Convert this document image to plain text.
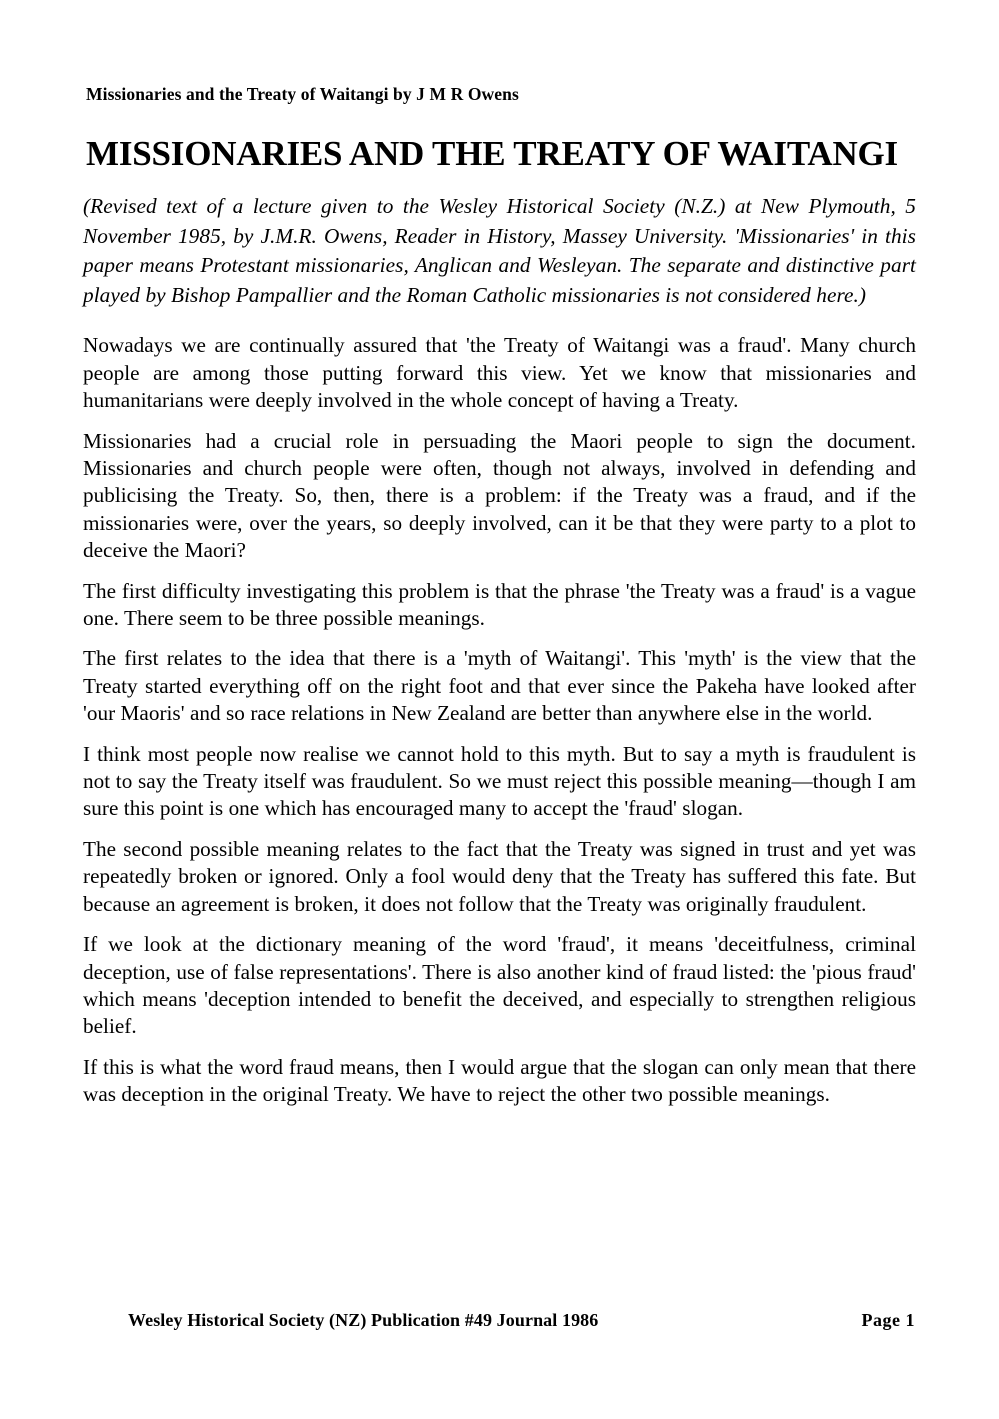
Missionaries and the Treaty of Waitangi by J M R Owens
MISSIONARIES AND THE TREATY OF WAITANGI

(Revised text of a lecture given to the Wesley Historical Society (N.Z.) at New Plymouth, 5 November 1985, by J.M.R. Owens, Reader in History, Massey University. 'Missionaries' in this paper means Protestant missionaries, Anglican and Wesleyan. The separate and distinctive part played by Bishop Pampallier and the Roman Catholic missionaries is not considered here.)

Nowadays we are continually assured that 'the Treaty of Waitangi was a fraud'. Many church people are among those putting forward this view. Yet we know that missionaries and humanitarians were deeply involved in the whole concept of having a Treaty.

Missionaries had a crucial role in persuading the Maori people to sign the document. Missionaries and church people were often, though not always, involved in defending and publicising the Treaty. So, then, there is a problem: if the Treaty was a fraud, and if the missionaries were, over the years, so deeply involved, can it be that they were party to a plot to deceive the Maori?

The first difficulty investigating this problem is that the phrase 'the Treaty was a fraud' is a vague one. There seem to be three possible meanings.

The first relates to the idea that there is a 'myth of Waitangi'. This 'myth' is the view that the Treaty started everything off on the right foot and that ever since the Pakeha have looked after 'our Maoris' and so race relations in New Zealand are better than anywhere else in the world.

I think most people now realise we cannot hold to this myth. But to say a myth is fraudulent is not to say the Treaty itself was fraudulent. So we must reject this possible meaning—though I am sure this point is one which has encouraged many to accept the 'fraud' slogan.

The second possible meaning relates to the fact that the Treaty was signed in trust and yet was repeatedly broken or ignored. Only a fool would deny that the Treaty has suffered this fate. But because an agreement is broken, it does not follow that the Treaty was originally fraudulent.

If we look at the dictionary meaning of the word 'fraud', it means 'deceitfulness, criminal deception, use of false representations'. There is also another kind of fraud listed: the 'pious fraud' which means 'deception intended to benefit the deceived, and especially to strengthen religious belief.

If this is what the word fraud means, then I would argue that the slogan can only mean that there was deception in the original Treaty. We have to reject the other two possible meanings.

Wesley Historical Society (NZ) Publication #49 Journal 1986	Page 1
